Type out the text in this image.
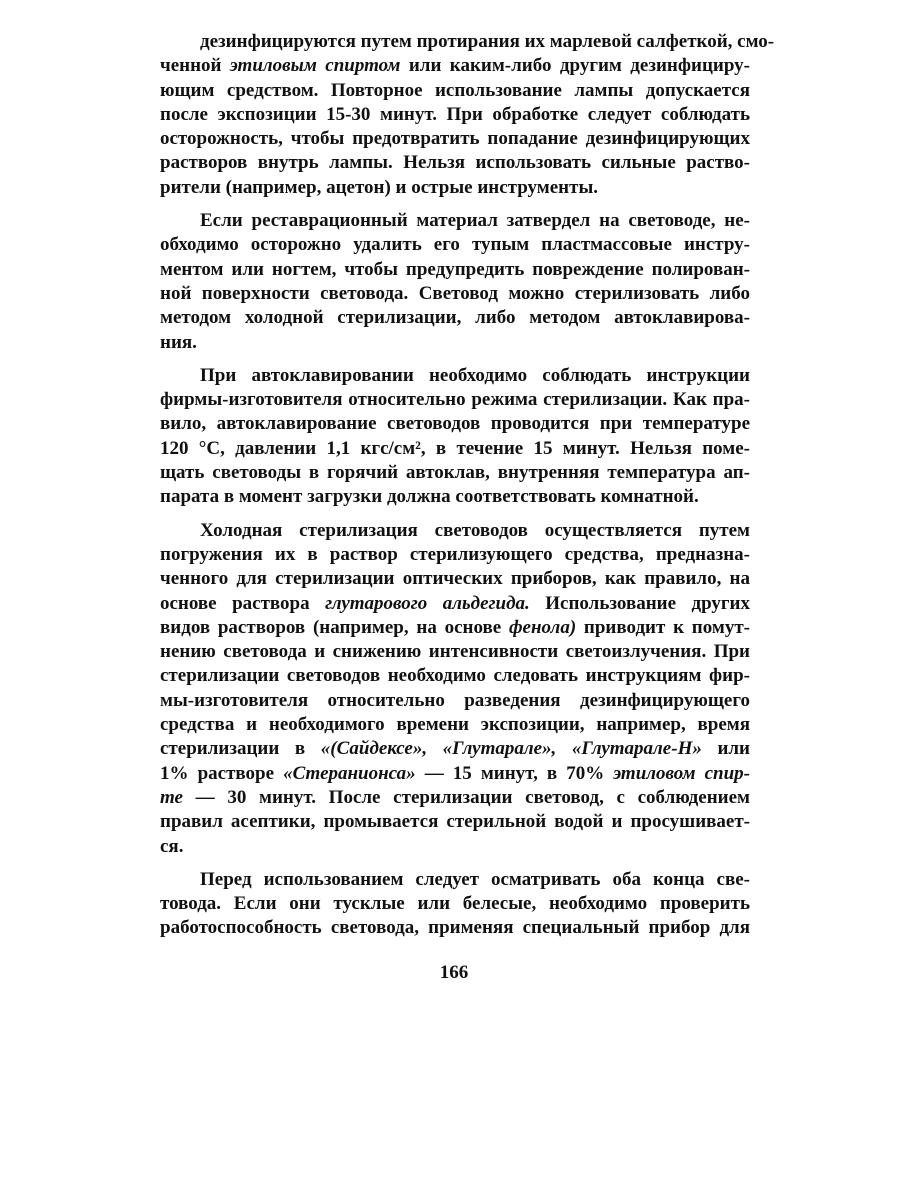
дезинфицируются путем протирания их марлевой салфеткой, смо-
ченной этиловым спиртом или каким-либо другим дезинфициру-
ющим средством. Повторное использование лампы допускается
после экспозиции 15-30 минут. При обработке следует соблюдать
осторожность, чтобы предотвратить попадание дезинфицирующих
растворов внутрь лампы. Нельзя использовать сильные раство-
рители (например, ацетон) и острые инструменты.
Если реставрационный материал затвердел на световоде, не-
обходимо осторожно удалить его тупым пластмассовые инстру-
ментом или ногтем, чтобы предупредить повреждение полирован-
ной поверхности световода. Световод можно стерилизовать либо
методом холодной стерилизации, либо методом автоклавирова-
ния.
При автоклавировании необходимо соблюдать инструкции
фирмы-изготовителя относительно режима стерилизации. Как пра-
вило, автоклавирование световодов проводится при температуре
120 °С, давлении 1,1 кгс/см², в течение 15 минут. Нельзя поме-
щать световоды в горячий автоклав, внутренняя температура ап-
парата в момент загрузки должна соответствовать комнатной.
Холодная стерилизация световодов осуществляется путем
погружения их в раствор стерилизующего средства, предназна-
ченного для стерилизации оптических приборов, как правило, на
основе раствора глутарового альдегида. Использование других
видов растворов (например, на основе фенола) приводит к помут-
нению световода и снижению интенсивности светоизлучения. При
стерилизации световодов необходимо следовать инструкциям фир-
мы-изготовителя относительно разведения дезинфицирующего
средства и необходимого времени экспозиции, например, время
стерилизации в «(Сайдексе», «Глутарале», «Глутарале-Н» или
1% растворе «Стеранионса» — 15 минут, в 70% этиловом спир-
те — 30 минут. После стерилизации световод, с соблюдением
правил асептики, промывается стерильной водой и просушивает-
ся.
Перед использованием следует осматривать оба конца све-
товода. Если они тусклые или белесые, необходимо проверить
работоспособность световода, применяя специальный прибор для
166
